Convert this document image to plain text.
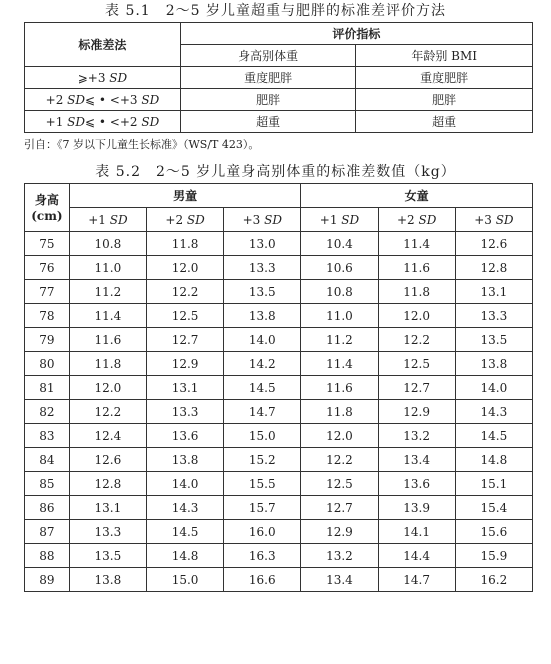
表 5.1　2～5 岁儿童超重与肥胖的标准差评价方法
标准差法	评价指标	
	身高别体重	年龄别 BMI
⩾+3 SD	重度肥胖	重度肥胖
+2 SD⩽ • <+3 SD	肥胖	肥胖
+1 SD⩽ • <+2 SD	超重	超重
引自：《7 岁以下儿童生长标准》（WS/T 423）。
表 5.2　2～5 岁儿童身高别体重的标准差数值（kg）
身高
(cm)	男童			女童		
	+1 SD	+2 SD	+3 SD	+1 SD	+2 SD	+3 SD
75	10.8	11.8	13.0	10.4	11.4	12.6
76	11.0	12.0	13.3	10.6	11.6	12.8
77	11.2	12.2	13.5	10.8	11.8	13.1
78	11.4	12.5	13.8	11.0	12.0	13.3
79	11.6	12.7	14.0	11.2	12.2	13.5
80	11.8	12.9	14.2	11.4	12.5	13.8
81	12.0	13.1	14.5	11.6	12.7	14.0
82	12.2	13.3	14.7	11.8	12.9	14.3
83	12.4	13.6	15.0	12.0	13.2	14.5
84	12.6	13.8	15.2	12.2	13.4	14.8
85	12.8	14.0	15.5	12.5	13.6	15.1
86	13.1	14.3	15.7	12.7	13.9	15.4
87	13.3	14.5	16.0	12.9	14.1	15.6
88	13.5	14.8	16.3	13.2	14.4	15.9
89	13.8	15.0	16.6	13.4	14.7	16.2
